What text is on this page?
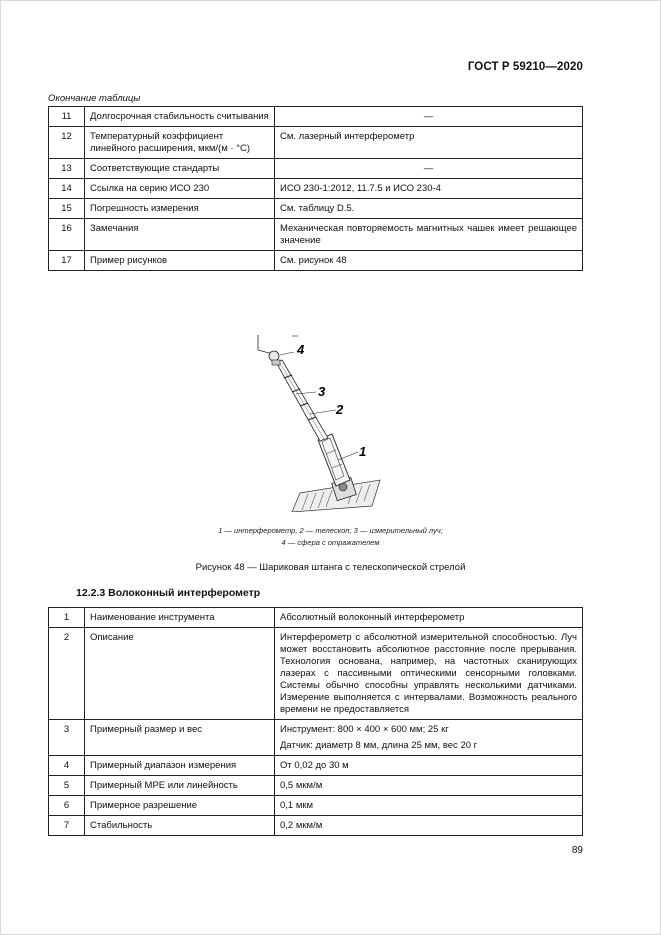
ГОСТ Р 59210—2020
Окончание таблицы
11	Долгосрочная стабильность считывания	—
12	Температурный коэффициент линейного расширения, мкм/(м · °С)	См. лазерный интерферометр
13	Соответствующие стандарты	—
14	Ссылка на серию ИСО 230	ИСО 230-1:2012, 11.7.5 и ИСО 230-4
15	Погрешность измерения	См. таблицу D.5.
16	Замечания	Механическая повторяемость магнитных чашек имеет решающее значение
17	Пример рисунков	См. рисунок 48
4
3
2
1
1 — интерферометр, 2 — телескоп; 3 — измерительный луч;
4 — сфера с отражателем
Рисунок 48 — Шариковая штанга с телескопической стрелой
12.2.3 Волоконный интерферометр
1	Наименование инструмента	Абсолютный волоконный интерферометр
2	Описание	Интерферометр с абсолютной измерительной способностью. Луч может восстановить абсолютное расстояние после прерывания. Технология основана, например, на частотных сканирующих лазерах с пассивными оптическими сенсорными головками. Системы обычно способны управлять несколькими датчиками. Измерение выполняется с интервалами. Возможность реального времени не предоставляется
3	Примерный размер и вес	Инструмент: 800 × 400 × 600 мм; 25 кг
Датчик: диаметр 8 мм, длина 25 мм, вес 20 г

4	Примерный диапазон измерения	От 0,02 до 30 м
5	Примерный MPE или линейность	0,5 мкм/м
6	Примерное разрешение	0,1 мкм
7	Стабильность	0,2 мкм/м
89
